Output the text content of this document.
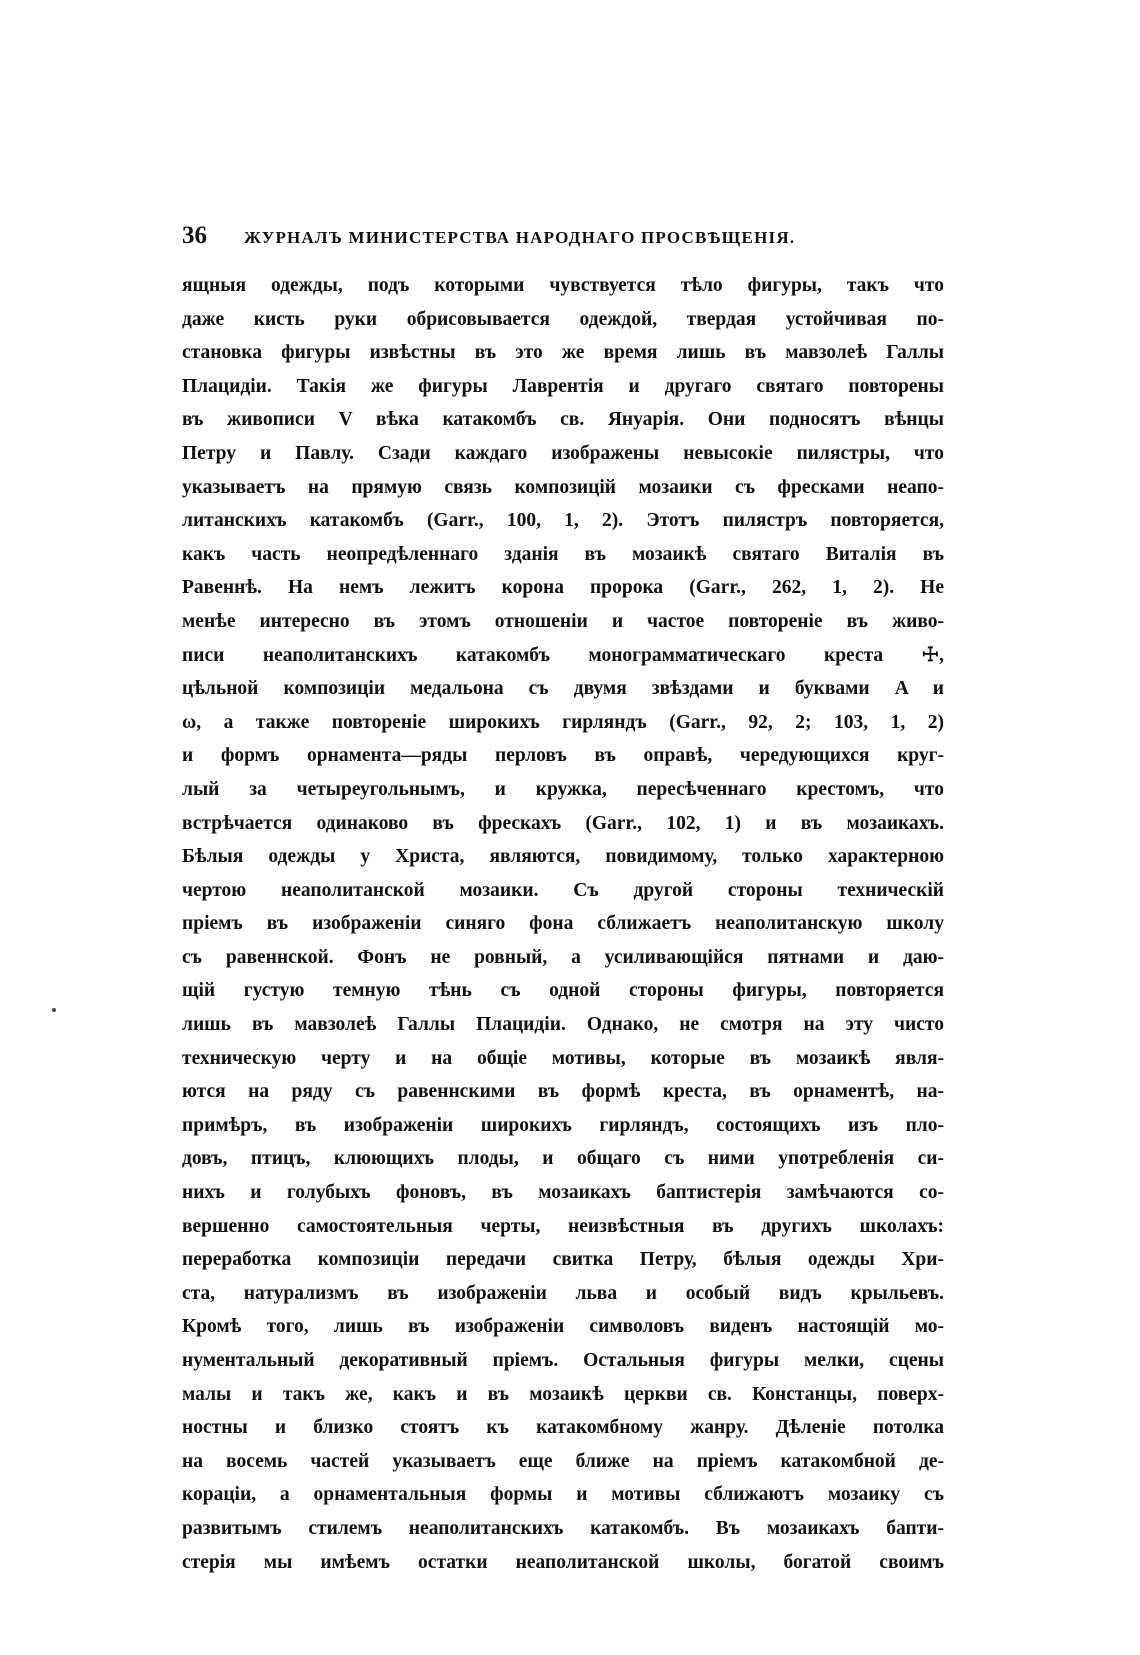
36	ЖУРНАЛЪ МИНИСТЕРСТВА НАРОДНАГО ПРОСВѢЩЕНІЯ.
ящныя одежды, подъ которыми чувствуется тѣло фигуры, такъ что
даже кисть руки обрисовывается одеждой, твердая устойчивая по-
становка фигуры извѣстны въ это же время лишь въ мавзолеѣ Галлы
Плацидіи. Такія же фигуры Лаврентія и другаго святаго повторены
въ живописи V вѣка катакомбъ св. Януарія. Они подносятъ вѣнцы
Петру и Павлу. Сзади каждаго изображены невысокіе пилястры, что
указываетъ на прямую связь композицій мозаики съ фресками неапо-
литанскихъ катакомбъ (Garr., 100, 1, 2). Этотъ пилястръ повторяется,
какъ часть неопредѣленнаго зданія въ мозаикѣ святаго Виталія въ
Равеннѣ. На немъ лежитъ корона пророка (Garr., 262, 1, 2). Не
менѣе интересно въ этомъ отношеніи и частое повтореніе въ живо-
писи неаполитанскихъ катакомбъ монограмматическаго креста ☩,
цѣльной композиціи медальона съ двумя звѣздами и буквами Α и
ω, а также повтореніе широкихъ гирляндъ (Garr., 92, 2; 103, 1, 2)
и формъ орнамента—ряды перловъ въ оправѣ, чередующихся круг-
лый за четыреугольнымъ, и кружка, пересѣченнаго крестомъ, что
встрѣчается одинаково въ фрескахъ (Garr., 102, 1) и въ мозаикахъ.
Бѣлыя одежды у Христа, являются, повидимому, только характерною
чертою неаполитанской мозаики. Съ другой стороны техническій
пріемъ въ изображеніи синяго фона сближаетъ неаполитанскую школу
съ равеннской. Фонъ не ровный, а усиливающійся пятнами и даю-
щій густую темную тѣнь съ одной стороны фигуры, повторяется
лишь въ мавзолеѣ Галлы Плацидіи. Однако, не смотря на эту чисто
техническую черту и на общіе мотивы, которые въ мозаикѣ явля-
ются на ряду съ равеннскими въ формѣ креста, въ орнаментѣ, на-
примѣръ, въ изображеніи широкихъ гирляндъ, состоящихъ изъ пло-
довъ, птицъ, клюющихъ плоды, и общаго съ ними употребленія си-
нихъ и голубыхъ фоновъ, въ мозаикахъ баптистерія замѣчаются со-
вершенно самостоятельныя черты, неизвѣстныя въ другихъ школахъ:
переработка композиціи передачи свитка Петру, бѣлыя одежды Хри-
ста, натурализмъ въ изображеніи льва и особый видъ крыльевъ.
Кромѣ того, лишь въ изображеніи символовъ виденъ настоящій мо-
нументальный декоративный пріемъ. Остальныя фигуры мелки, сцены
малы и такъ же, какъ и въ мозаикѣ церкви св. Констанцы, поверх-
ностны и близко стоятъ къ катакомбному жанру. Дѣленіе потолка
на восемь частей указываетъ еще ближе на пріемъ катакомбной де-
кораціи, а орнаментальныя формы и мотивы сближаютъ мозаику съ
развитымъ стилемъ неаполитанскихъ катакомбъ. Въ мозаикахъ бапти-
стерія мы имѣемъ остатки неаполитанской школы, богатой своимъ
